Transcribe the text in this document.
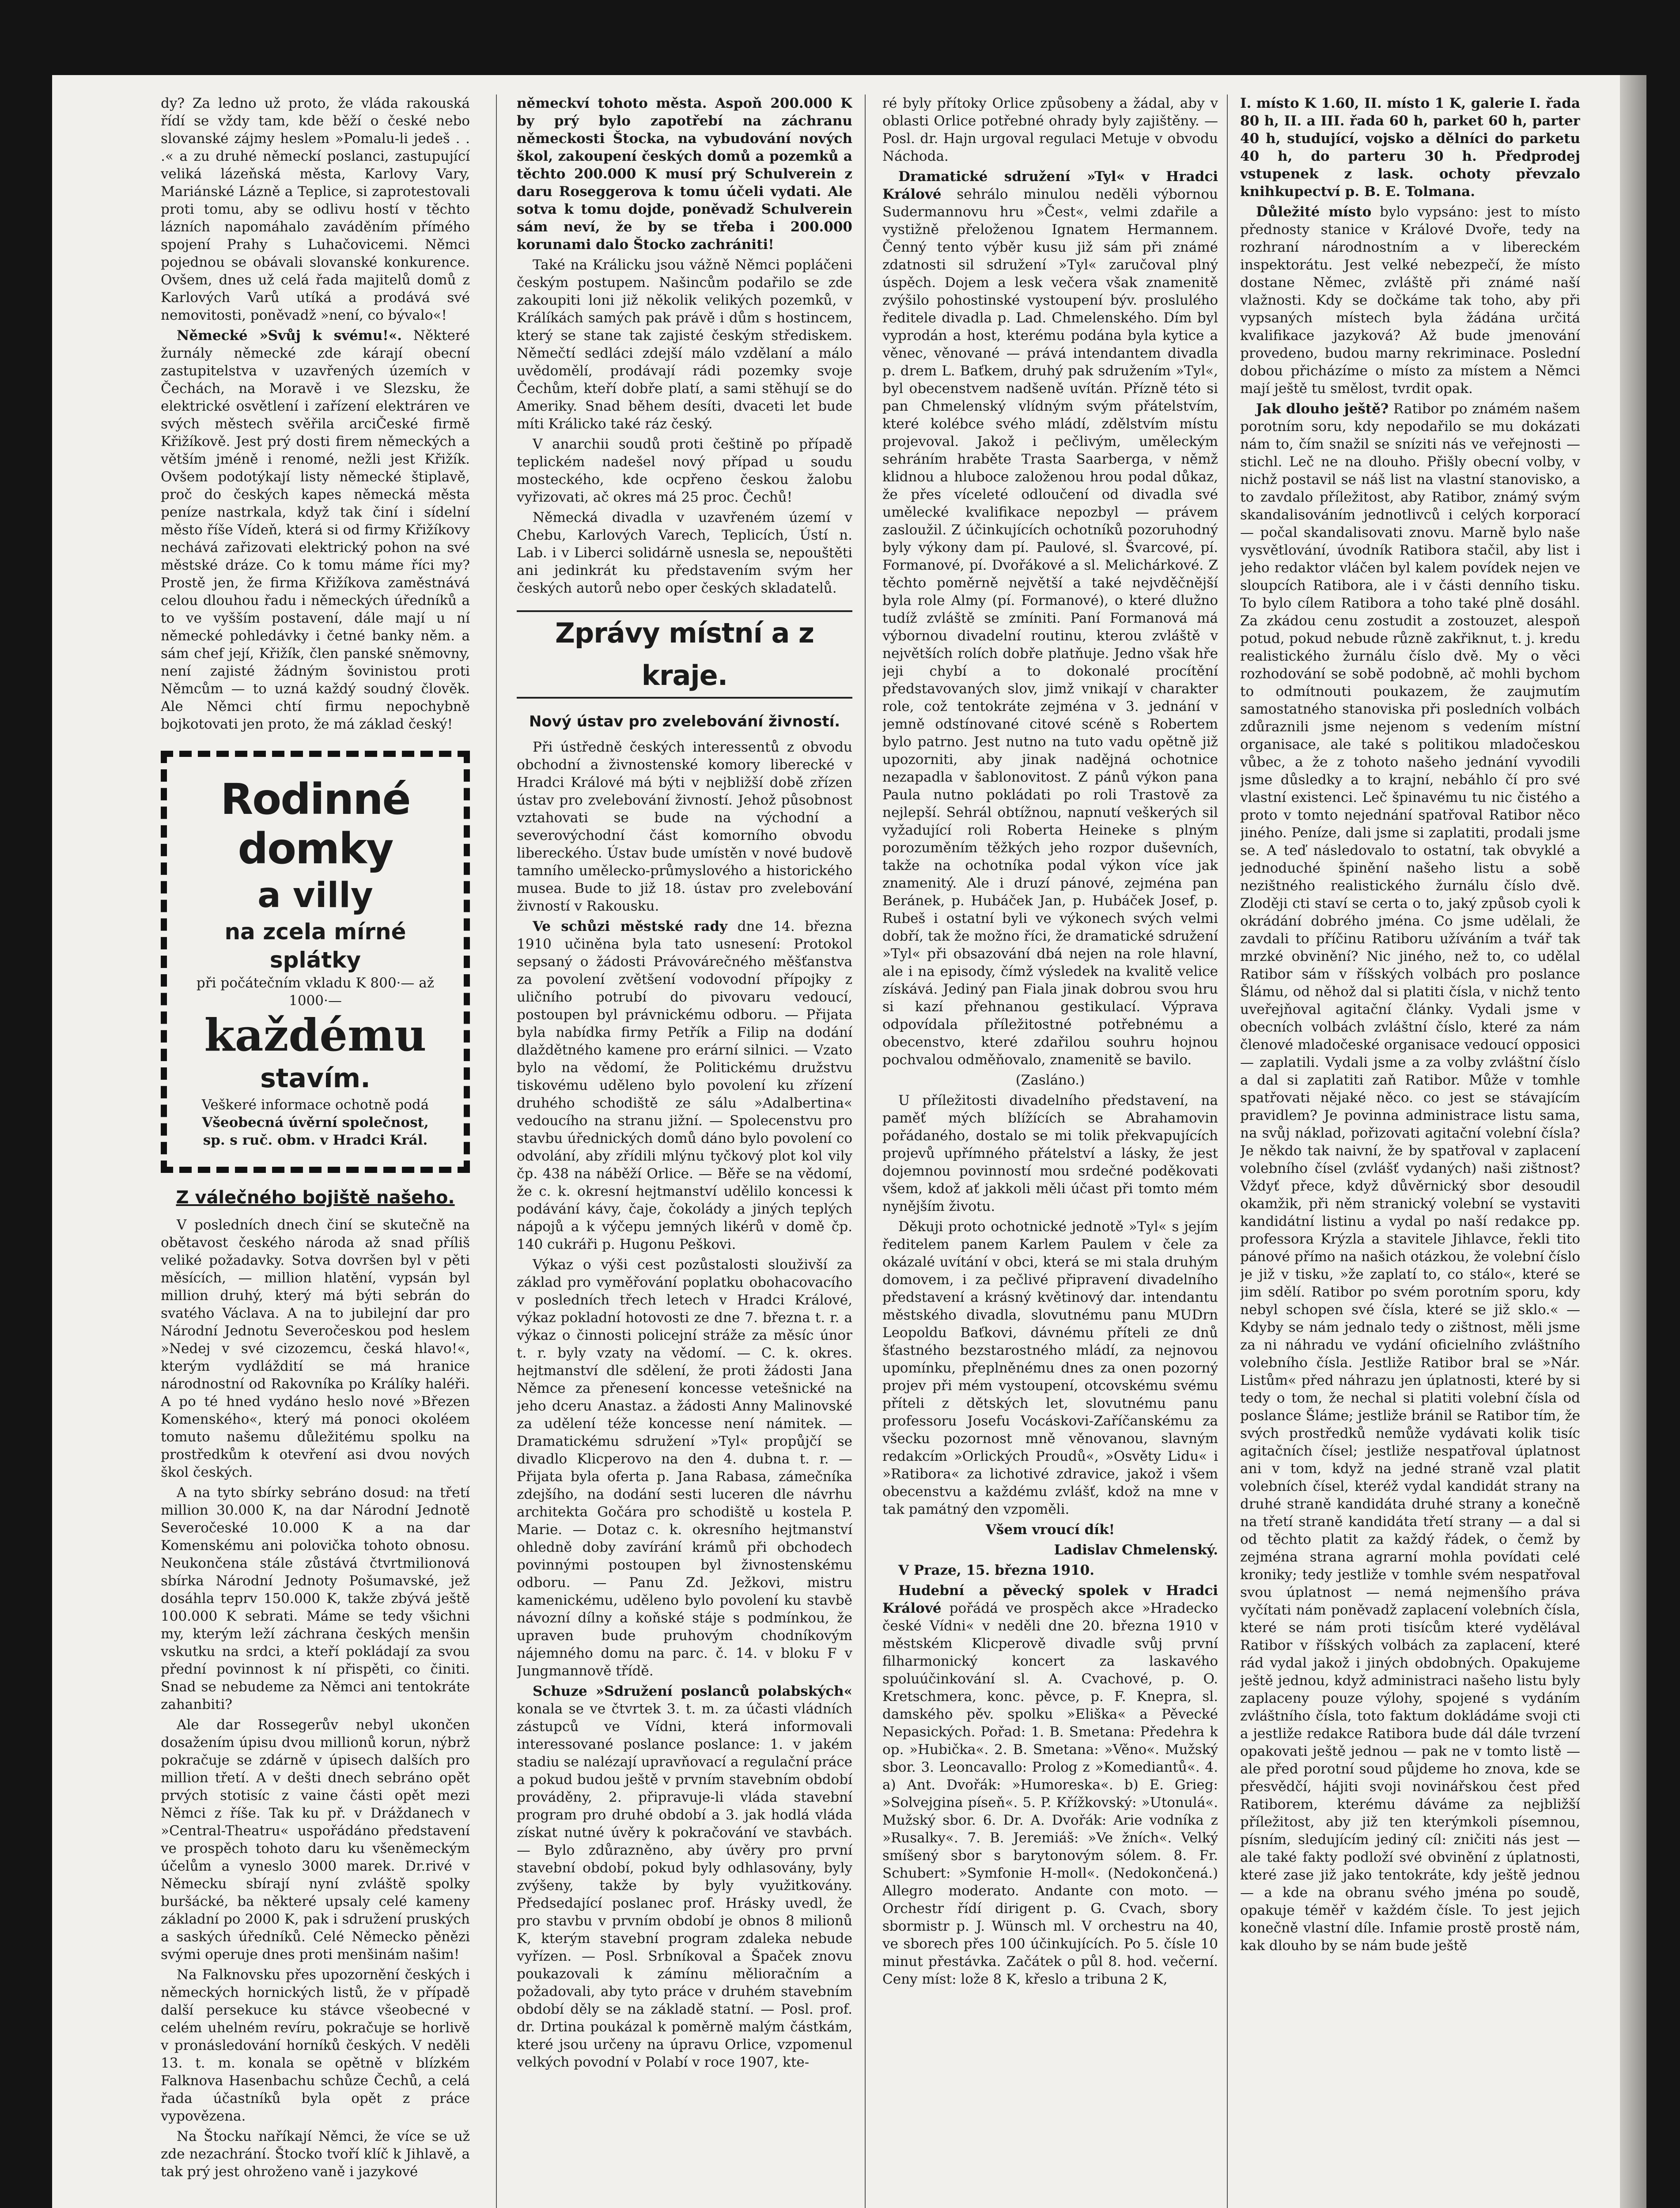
dy? Za ledno už proto, že vláda rakouská řídí se vždy tam, kde běží o české nebo slovanské zájmy heslem »Pomalu-li jedeš . . .« a zu druhé německí poslanci, zastupující veliká lázeňská města, Karlovy Vary, Mariánské Lázně a Teplice, si zaprotestovali proti tomu, aby se odlivu hostí v těchto lázních napomáhalo zaváděním přímého spojení Prahy s Luhačovicemi. Němci pojednou se obávali slovanské konkurence. Ovšem, dnes už celá řada majitelů domů z Karlových Varů utíká a prodává své nemovitosti, poněvadž »není, co bývalo«!

Německé »Svůj k svému!«. Některé žurnály německé zde kárají obecní zastupitelstva v uzavřených územích v Čechách, na Moravě i ve Slezsku, že elektrické osvětlení i zařízení elektráren ve svých městech svěřila arciČeské firmě Křižíkově. Jest prý dosti firem německých a větším jméně i renomé, nežli jest Křižík. Ovšem podotýkají listy německé štiplavě, proč do českých kapes německá města peníze nastrkala, když tak činí i sídelní město říše Vídeň, která si od firmy Křižíkovy nechává zařizovati elektrický pohon na své městské dráze. Co k tomu máme říci my? Prostě jen, že firma Křižíkova zaměstnává celou dlouhou řadu i německých úředníků a to ve vyšším postavení, dále mají u ní německé pohledávky i četné banky něm. a sám chef její, Křižík, člen panské sněmovny, není zajisté žádným šovinistou proti Němcům — to uzná každý soudný člověk. Ale Němci chtí firmu nepochybně bojkotovati jen proto, že má základ český!

Rodinné domky
a villy
na zcela mírné splátky
při počátečním vkladu K 800·— až 1000·—
každému
stavím.
Veškeré informace ochotně podá
Všeobecná úvěrní společnost,
sp. s ruč. obm. v Hradci Král.
Z válečného bojiště našeho.

V posledních dnech činí se skutečně na obětavost českého národa až snad příliš veliké požadavky. Sotva dovršen byl v pěti měsících, — million hlatění, vypsán byl million druhý, který má býti sebrán do svatého Václava. A na to jubilejní dar pro Národní Jednotu Severočeskou pod heslem »Nedej v své cizozemcu, česká hlavo!«, kterým vydláždití se má hranice národnostní od Rakovníka po Králíky haléři. A po té hned vydáno heslo nové »Březen Komenského«, který má ponoci okoléem tomuto našemu důležitému spolku na prostředkům k otevření asi dvou nových škol českých.

A na tyto sbírky sebráno dosud: na třetí million 30.000 K, na dar Národní Jednotě Severočeské 10.000 K a na dar Komenskému ani polovička tohoto obnosu. Neukončena stále zůstává čtvrtmilionová sbírka Národní Jednoty Pošumavské, jež dosáhla teprv 150.000 K, takže zbývá ještě 100.000 K sebrati. Máme se tedy všichni my, kterým leží záchrana českých menšin vskutku na srdci, a kteří pokládají za svou přední povinnost k ní přispěti, co činiti. Snad se nebudeme za Němci ani tentokráte zahanbiti?

Ale dar Rossegerův nebyl ukončen dosažením úpisu dvou millionů korun, nýbrž pokračuje se zdárně v úpisech dalších pro million třetí. A v dešti dnech sebráno opět prvých stotisíc z vaine části opět mezi Němci z říše. Tak ku př. v Dráždanech v »Central-Theatru« uspořádáno představení ve prospěch tohoto daru ku všeněmeckým účelům a vyneslo 3000 marek. Dr.rivé v Německu sbírají nyní zvláště spolky buršácké, ba některé upsaly celé kameny základní po 2000 K, pak i sdružení pruských a saských úředníků. Celé Německo pěnězi svými operuje dnes proti menšinám našim!

Na Falknovsku přes upozornění českých i německých hornických listů, že v případě další persekuce ku stávce všeobecné v celém uhelném revíru, pokračuje se horlivě v pronásledování horníků českých. V neděli 13. t. m. konala se opětně v blízkém Falknova Hasenbachu schůze Čechů, a celá řada účastníků byla opět z práce vypovězena.

Na Štocku naříkají Němci, že více se už zde nezachrání. Štocko tvoří klíč k Jihlavě, a tak prý jest ohroženo vaně i jazykové

německví tohoto města. Aspoň 200.000 K by prý bylo zapotřebí na záchranu německosti Štocka, na vybudování nových škol, zakoupení českých domů a pozemků a těchto 200.000 K musí prý Schulverein z daru Roseggerova k tomu účeli vydati. Ale sotva k tomu dojde, poněvadž Schulverein sám neví, že by se třeba i 200.000 korunami dalo Štocko zachrániti!

Také na Králicku jsou vážně Němci popláčeni českým postupem. Našincům podařilo se zde zakoupiti loni již několik velikých pozemků, v Králíkách samých pak právě i dům s hostincem, který se stane tak zajisté českým střediskem. Němečtí sedláci zdejší málo vzdělaní a málo uvědomělí, prodávají rádi pozemky svoje Čechům, kteří dobře platí, a sami stěhují se do Ameriky. Snad během desíti, dvaceti let bude míti Králicko také ráz český.

V anarchii soudů proti češtině po případě teplickém nadešel nový případ u soudu mosteckého, kde ocpřeno českou žalobu vyřizovati, ač okres má 25 proc. Čechů!

Německá divadla v uzavřeném území v Chebu, Karlových Varech, Teplicích, Ústí n. Lab. i v Liberci solidárně usnesla se, nepouštěti ani jedinkrát ku představením svým her českých autorů nebo oper českých skladatelů.

Zprávy místní a z kraje.
Nový ústav pro zvelebování živností.

Při ústředně českých interessentů z obvodu obchodní a živnostenské komory liberecké v Hradci Králové má býti v nejbližší době zřízen ústav pro zvelebování živností. Jehož působnost vztahovati se bude na východní a severovýchodní část komorního obvodu libereckého. Ústav bude umístěn v nové budově tamního umělecko-průmyslového a historického musea. Bude to již 18. ústav pro zvelebování živností v Rakousku.

Ve schůzi městské rady dne 14. března 1910 učiněna byla tato usnesení: Protokol sepsaný o žádosti Právovárečného měšťanstva za povolení zvětšení vodovodní přípojky z uličního potrubí do pivovaru vedoucí, postoupen byl právnickému odboru. — Přijata byla nabídka firmy Petřík a Filip na dodání dlaždětného kamene pro erární silnici. — Vzato bylo na vědomí, že Politickému družstvu tiskovému uděleno bylo povolení ku zřízení druhého schodiště ze sálu »Adalbertina« vedoucího na stranu jižní. — Spolecenstvu pro stavbu úřednických domů dáno bylo povolení co odvolání, aby zřídili mlýnu tyčkový plot kol vily čp. 438 na náběží Orlice. — Běře se na vědomí, že c. k. okresní hejtmanství udělilo koncessi k podávání kávy, čaje, čokolády a jiných teplých nápojů a k výčepu jemných likérů v domě čp. 140 cukráři p. Hugonu Peškovi.

Výkaz o výši cest pozůstalosti slouživší za základ pro vyměřování poplatku obohacovacího v posledních třech letech v Hradci Králové, výkaz pokladní hotovosti ze dne 7. března t. r. a výkaz o činnosti policejní stráže za měsíc únor t. r. byly vzaty na vědomí. — C. k. okres. hejtmanství dle sdělení, že proti žádosti Jana Němce za přenesení koncesse vetešnické na jeho dceru Anastaz. a žádosti Anny Malinovské za udělení téže koncesse není námitek. — Dramatickému sdružení »Tyl« propůjčí se divadlo Klicperovo na den 4. dubna t. r. — Přijata byla oferta p. Jana Rabasa, zámečníka zdejšího, na dodání sesti luceren dle návrhu architekta Gočára pro schodiště u kostela P. Marie. — Dotaz c. k. okresního hejtmanství ohledně doby zavírání krámů při obchodech povinnými postoupen byl živnostenskému odboru. — Panu Zd. Ježkovi, mistru kamenickému, uděleno bylo povolení ku stavbě návozní dílny a koňské stáje s podmínkou, že upraven bude pruhovým chodníkovým nájemného domu na parc. č. 14. v bloku F v Jungmannově třídě.

Schuze »Sdružení poslanců polabských« konala se ve čtvrtek 3. t. m. za účasti vládních zástupců ve Vídni, která informovali interessované poslance poslance: 1. v jakém stadiu se nalézají upravňovací a regulační práce a pokud budou ještě v prvním stavebním období prováděny, 2. připravuje-li vláda stavební program pro druhé období a 3. jak hodlá vláda získat nutné úvěry k pokračování ve stavbách. — Bylo zdůrazněno, aby úvěry pro první stavební období, pokud byly odhlasovány, byly zvýšeny, takže by byly využitkovány. Předsedající poslanec prof. Hrásky uvedl, že pro stavbu v prvním období je obnos 8 milionů K, kterým stavební program zdaleka nebude vyřízen. — Posl. Srbníkoval a Špaček znovu poukazovali k zámínu mělioračním a požadovali, aby tyto práce v druhém stavebním období děly se na základě statní. — Posl. prof. dr. Drtina poukázal k poměrně malým částkám, které jsou určeny na úpravu Orlice, vzpomenul velkých povodní v Polabí v roce 1907, kte-

ré byly přítoky Orlice způsobeny a žádal, aby v oblasti Orlice potřebné ohrady byly zajištěny. — Posl. dr. Hajn urgoval regulaci Metuje v obvodu Náchoda.

Dramatické sdružení »Tyl« v Hradci Králové sehrálo minulou neděli výbornou Sudermannovu hru »Čest«, velmi zdařile a vystižně přeloženou Ignatem Hermannem. Čenný tento výběr kusu již sám při známé zdatnosti sil sdružení »Tyl« zaručoval plný úspěch. Dojem a lesk večera však znamenitě zvýšilo pohostinské vystoupení býv. proslulého ředitele divadla p. Lad. Chmelenského. Dím byl vyprodán a host, kterému podána byla kytice a věnec, věnované — prává intendantem divadla p. drem L. Baťkem, druhý pak sdružením »Tyl«, byl obecenstvem nadšeně uvítán. Přízně této si pan Chmelenský vlídným svým přátelstvím, které kolébce svého mládí, zdělstvím místu projevoval. Jakož i pečlivým, uměleckým sehráním hraběte Trasta Saarberga, v němž klidnou a hluboce založenou hrou podal důkaz, že přes víceleté odloučení od divadla své umělecké kvalifikace nepozbyl — právem zasloužil. Z účinkujících ochotníků pozoruhodný byly výkony dam pí. Paulové, sl. Švarcové, pí. Formanové, pí. Dvořákové a sl. Melichárkové. Z těchto poměrně největší a také nejvděčnější byla role Almy (pí. Formanové), o které dlužno tudíž zvláště se zmíniti. Paní Formanová má výbornou divadelní routinu, kterou zvláště v největších rolích dobře platňuje. Jedno však hře jeji chybí a to dokonalé procítění představovaných slov, jimž vnikají v charakter role, což tentokráte zejména v 3. jednání v jemně odstínované citové scéně s Robertem bylo patrno. Jest nutno na tuto vadu opětně již upozorniti, aby jinak nadějná ochotnice nezapadla v šablonovitost. Z pánů výkon pana Paula nutno pokládati po roli Trastově za nejlepší. Sehrál obtížnou, napnutí veškerých sil vyžadující roli Roberta Heineke s plným porozuměním těžkých jeho rozpor duševních, takže na ochotníka podal výkon více jak znamenitý. Ale i druzí pánové, zejména pan Beránek, p. Hubáček Jan, p. Hubáček Josef, p. Rubeš i ostatní byli ve výkonech svých velmi dobří, tak že možno říci, že dramatické sdružení »Tyl« při obsazování dbá nejen na role hlavní, ale i na episody, čímž výsledek na kvalitě velice získává. Jediný pan Fiala jinak dobrou svou hru si kazí přehnanou gestikulací. Výprava odpovídala příležitostné potřebnému a obecenstvo, které zdařilou souhru hojnou pochvalou odměňovalo, znamenitě se bavilo.

(Zasláno.)

U příležitosti divadelního představení, na paměť mých blížících se Abrahamovin pořádaného, dostalo se mi tolik překvapujících projevů upřímného přátelství a lásky, že jest dojemnou povinností mou srdečné poděkovati všem, kdož ať jakkoli měli účast při tomto mém nynějším životu.

Děkuji proto ochotnické jednotě »Tyl« s jejím ředitelem panem Karlem Paulem v čele za okázalé uvítání v obci, která se mi stala druhým domovem, i za pečlivé připravení divadelního představení a krásný květinový dar. intendantu městského divadla, slovutnému panu MUDrn Leopoldu Baťkovi, dávnému příteli ze dnů šťastného bezstarostného mládí, za nejnovou upomínku, přeplněnému dnes za onen pozorný projev při mém vystoupení, otcovskému svému příteli z dětských let, slovutnému panu professoru Josefu Vocáskovi-Zaříčanskému za všecku pozornost mně věnovanou, slavným redakcím »Orlických Proudů«, »Osvěty Lidu« i »Ratibora« za lichotivé zdravice, jakož i všem obecenstvu a každému zvlášť, kdož na mne v tak památný den vzpoměli.

Všem vroucí dík!

Ladislav Chmelenský.

V Praze, 15. března 1910.

Hudební a pěvecký spolek v Hradci Králové pořádá ve prospěch akce »Hradecko české Vídni« v neděli dne 20. března 1910 v městském Klicperově divadle svůj první filharmonický koncert za laskavého spoluúčinkování sl. A. Cvachové, p. O. Kretschmera, konc. pěvce, p. F. Knepra, sl. damského pěv. spolku »Eliška« a Pěvecké Nepasických. Pořad: 1. B. Smetana: Předehra k op. »Hubička«. 2. B. Smetana: »Věno«. Mužský sbor. 3. Leoncavallo: Prolog z »Komediantů«. 4. a) Ant. Dvořák: »Humoreska«. b) E. Grieg: »Solvejgina píseň«. 5. P. Křížkovský: »Utonulá«. Mužský sbor. 6. Dr. A. Dvořák: Arie vodníka z »Rusalky«. 7. B. Jeremiáš: »Ve žních«. Velký smíšený sbor s barytonovým sólem. 8. Fr. Schubert: »Symfonie H-moll«. (Nedokončená.) Allegro moderato. Andante con moto. — Orchestr řídí dirigent p. G. Cvach, sbory sbormistr p. J. Wünsch ml. V orchestru na 40, ve sborech přes 100 účinkujících. Po 5. čísle 10 minut přestávka. Začátek o půl 8. hod. večerní. Ceny míst: lože 8 K, křeslo a tribuna 2 K,

I. místo K 1.60, II. místo 1 K, galerie I. řada 80 h, II. a III. řada 60 h, parket 60 h, parter 40 h, studující, vojsko a dělníci do parketu 40 h, do parteru 30 h. Předprodej vstupenek z lask. ochoty převzalo knihkupectví p. B. E. Tolmana.

Důležité místo bylo vypsáno: jest to místo přednosty stanice v Králové Dvoře, tedy na rozhraní národnostním a v libereckém inspektorátu. Jest velké nebezpečí, že místo dostane Němec, zvláště při známé naší vlažnosti. Kdy se dočkáme tak toho, aby při vypsaných místech byla žádána určitá kvalifikace jazyková? Až bude jmenování provedeno, budou marny rekriminace. Poslední dobou přicházíme o místo za místem a Němci mají ještě tu smělost, tvrdit opak.

Jak dlouho ještě? Ratibor po známém našem porotním soru, kdy nepodařilo se mu dokázati nám to, čím snažil se sníziti nás ve veřejnosti — stichl. Leč ne na dlouho. Přišly obecní volby, v nichž postavil se náš list na vlastní stanovisko, a to zavdalo příležitost, aby Ratibor, známý svým skandalisováním jednotlivců i celých korporací — počal skandalisovati znovu. Marně bylo naše vysvětlování, úvodník Ratibora stačil, aby list i jeho redaktor vláčen byl kalem povídek nejen ve sloupcích Ratibora, ale i v části denního tisku. To bylo cílem Ratibora a toho také plně dosáhl. Za zkádou cenu zostudit a zostouzet, alespoň potud, pokud nebude různě zakřiknut, t. j. kredu realistického žurnálu číslo dvě. My o věci rozhodování se sobě podobně, ač mohli bychom to odmítnouti poukazem, že zaujmutím samostatného stanoviska při posledních volbách zdůraznili jsme nejenom s vedením místní organisace, ale také s politikou mladočeskou vůbec, a že z tohoto našeho jednání vyvodili jsme důsledky a to krajní, nebáhlo čí pro své vlastní existenci. Leč špinavému tu nic čistého a proto v tomto nejednání spatřoval Ratibor něco jiného. Peníze, dali jsme si zaplatiti, prodali jsme se. A teď následovalo to ostatní, tak obvyklé a jednoduché špinění našeho listu a sobě nezištného realistického žurnálu číslo dvě. Zloději cti staví se certa o to, jaký způsob cyoli k okrádání dobrého jména. Co jsme udělali, že zavdali to příčinu Ratiboru užíváním a tvář tak mrzké obvinění? Nic jiného, než to, co udělal Ratibor sám v říšských volbách pro poslance Šlámu, od něhož dal si platiti čísla, v nichž tento uveřejňoval agitační články. Vydali jsme v obecních volbách zvláštní číslo, které za nám členové mladočeské organisace vedoucí opposici — zaplatili. Vydali jsme a za volby zvláštní číslo a dal si zaplatiti zaň Ratibor. Může v tomhle spatřovati nějaké něco. co jest se stávajícím pravidlem? Je povinna administrace listu sama, na svůj náklad, pořizovati agitační volební čísla? Je někdo tak naivní, že by spatřoval v zaplacení volebního čísel (zvlášť vydaných) naši zištnost? Vždyť přece, když důvěrnický sbor desoudil okamžik, při něm stranický volební se vystaviti kandidátní listinu a vydal po naší redakce pp. professora Krýzla a stavitele Jihlavce, řekli tito pánové přímo na našich otázkou, že volební číslo je již v tisku, »že zaplatí to, co stálo«, které se jim sdělí. Ratibor po svém porotním sporu, kdy nebyl schopen své čísla, které se již sklo.« — Kdyby se nám jednalo tedy o zištnost, měli jsme za ni náhradu ve vydání oficielního zvláštního volebního čísla. Jestliže Ratibor bral se »Nár. Listům« před náhrazu jen úplatnosti, které by si tedy o tom, že nechal si platiti volební čísla od poslance Šláme; jestliže bránil se Ratibor tím, že svých prostředků nemůže vydávati kolik tisíc agitačních čísel; jestliže nespatřoval úplatnost ani v tom, když na jedné straně vzal platit volebních čísel, kteréž vydal kandidát strany na druhé straně kandidáta druhé strany a konečně na třetí straně kandidáta třetí strany — a dal si od těchto platit za každý řádek, o čemž by zejména strana agrarní mohla povídati celé kroniky; tedy jestliže v tomhle svém nespatřoval svou úplatnost — nemá nejmenšího práva vyčítati nám poněvadž zaplacení volebních čísla, které se nám proti tisícům které vydělával Ratibor v říšských volbách za zaplacení, které rád vydal jakož i jiných obdobných. Opakujeme ještě jednou, když administraci našeho listu byly zaplaceny pouze výlohy, spojené s vydáním zvláštního čísla, toto faktum dokládáme svoji cti a jestliže redakce Ratibora bude dál dále tvrzení opakovati ještě jednou — pak ne v tomto listě — ale před porotní soud půjdeme ho znova, kde se přesvědčí, hájiti svoji novinářskou čest před Ratiborem, kterému dáváme za nejbližší příležitost, aby již ten kterýmkoli písemnou, písním, sledujícím jediný cíl: zničiti nás jest — ale také fakty podloží své obvinění z úplatnosti, které zase již jako tentokráte, kdy ještě jednou — a kde na obranu svého jména po soudě, opakuje téměř v každém čísle. To jest jejich konečně vlastní díle. Infamie prostě prostě nám, kak dlouho by se nám bude ještě
